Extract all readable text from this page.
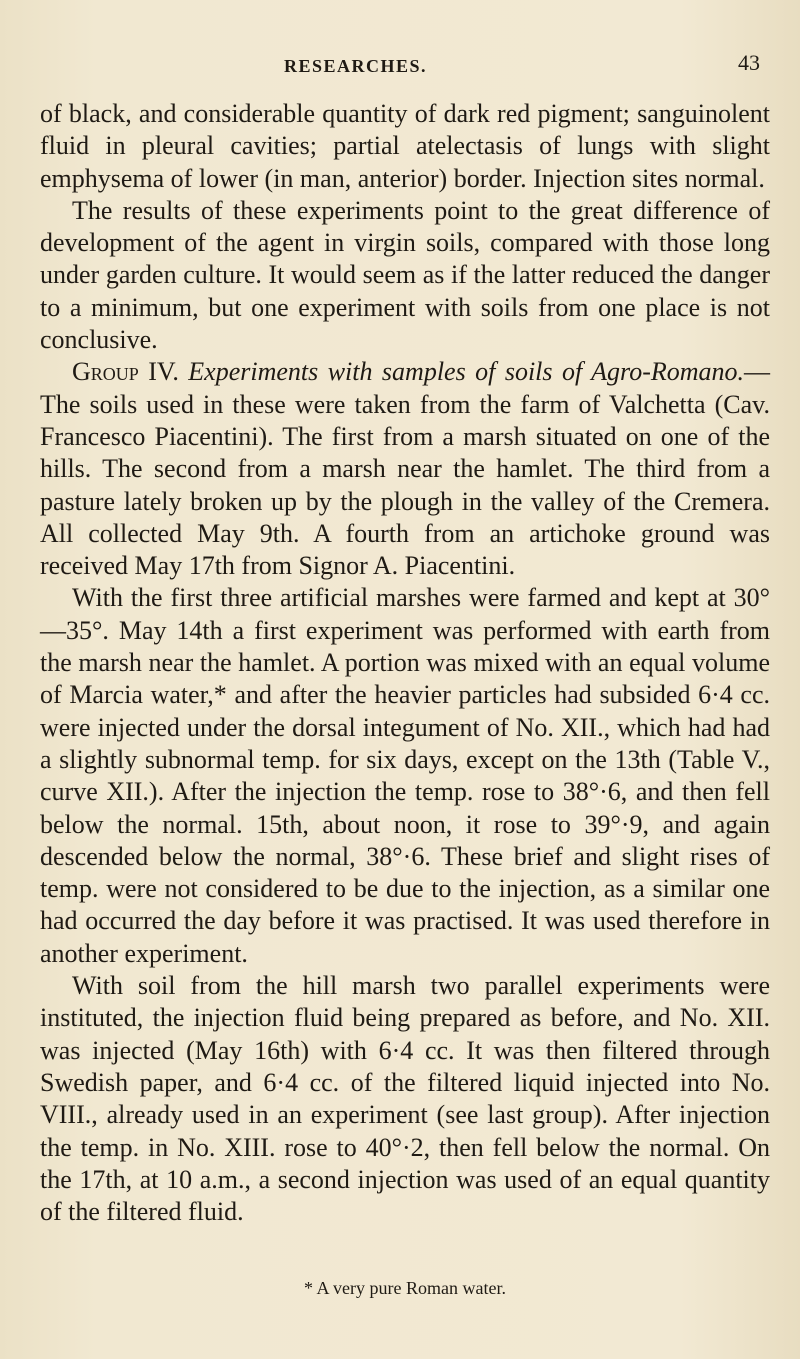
RESEARCHES.	43

of black, and considerable quantity of dark red pigment; sanguinolent fluid in pleural cavities; partial atelectasis of lungs with slight emphysema of lower (in man, anterior) border. Injection sites normal.

The results of these experiments point to the great difference of development of the agent in virgin soils, compared with those long under garden culture. It would seem as if the latter reduced the danger to a minimum, but one experiment with soils from one place is not conclusive.

Group IV. Experiments with samples of soils of Agro-Romano.—The soils used in these were taken from the farm of Valchetta (Cav. Francesco Piacentini). The first from a marsh situated on one of the hills. The second from a marsh near the hamlet. The third from a pasture lately broken up by the plough in the valley of the Cremera. All collected May 9th. A fourth from an artichoke ground was received May 17th from Signor A. Piacentini.

With the first three artificial marshes were farmed and kept at 30°—35°. May 14th a first experiment was performed with earth from the marsh near the hamlet. A portion was mixed with an equal volume of Marcia water,* and after the heavier particles had subsided 6·4 cc. were injected under the dorsal integument of No. XII., which had had a slightly subnormal temp. for six days, except on the 13th (Table V., curve XII.). After the injection the temp. rose to 38°·6, and then fell below the normal. 15th, about noon, it rose to 39°·9, and again descended below the normal, 38°·6. These brief and slight rises of temp. were not considered to be due to the injection, as a similar one had occurred the day before it was practised. It was used therefore in another experiment.

With soil from the hill marsh two parallel experiments were instituted, the injection fluid being prepared as before, and No. XII. was injected (May 16th) with 6·4 cc. It was then filtered through Swedish paper, and 6·4 cc. of the filtered liquid injected into No. VIII., already used in an experiment (see last group). After injection the temp. in No. XIII. rose to 40°·2, then fell below the normal. On the 17th, at 10 a.m., a second injection was used of an equal quantity of the filtered fluid.

* A very pure Roman water.
